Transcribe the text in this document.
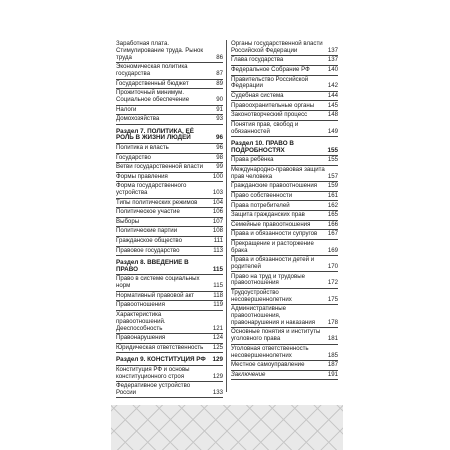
Заработная плата. Стимулирование труда. Рынок труда	86
Экономическая политика государства	87
Государственный бюджет	89
Прожиточный минимум. Социальное обеспечение	90
Налоги	91
Домохозяйства	93
Раздел 7. ПОЛИТИКА, ЕЁ РОЛЬ В ЖИЗНИ ЛЮДЕЙ	96
Политика и власть	96
Государство	98
Ветви государственной власти	99
Формы правления	100
Форма государственного устройства	103
Типы политических режимов	104
Политическое участие	106
Выборы	107
Политические партии	108
Гражданское общество	111
Правовое государство	113
Раздел 8. ВВЕДЕНИЕ В ПРАВО	115
Право в системе социальных норм	115
Нормативный правовой акт	118
Правоотношения	119
Характеристика правоотношений. Дееспособность	121
Правонарушения	124
Юридическая ответственность	125
Раздел 9. КОНСТИТУЦИЯ РФ	129
Конституция РФ и основы конституционного строя	129
Федеративное устройство России	133
Органы государственной власти Российской Федерации	137
Глава государства	137
Федеральное Собрание РФ	140
Правительство Российской Федерации	142
Судебная система	144
Правоохранительные органы	145
Законотворческий процесс	148
Понятия прав, свобод и обязанностей	149
Раздел 10. ПРАВО В ПОДРОБНОСТЯХ	155
Права ребёнка	155
Международно-правовая защита прав человека	157
Гражданские правоотношения	159
Право собственности	161
Права потребителей	162
Защита гражданских прав	165
Семейные правоотношения	166
Права и обязанности супругов	167
Прекращение и расторжение брака	169
Права и обязанности детей и родителей	170
Право на труд и трудовые правоотношения	172
Трудоустройство несовершеннолетних	175
Административные правоотношения, правонарушения и наказания	178
Основные понятия и институты уголовного права	181
Уголовная ответственность несовершеннолетних	185
Местное самоуправление	187
Заключение	191
